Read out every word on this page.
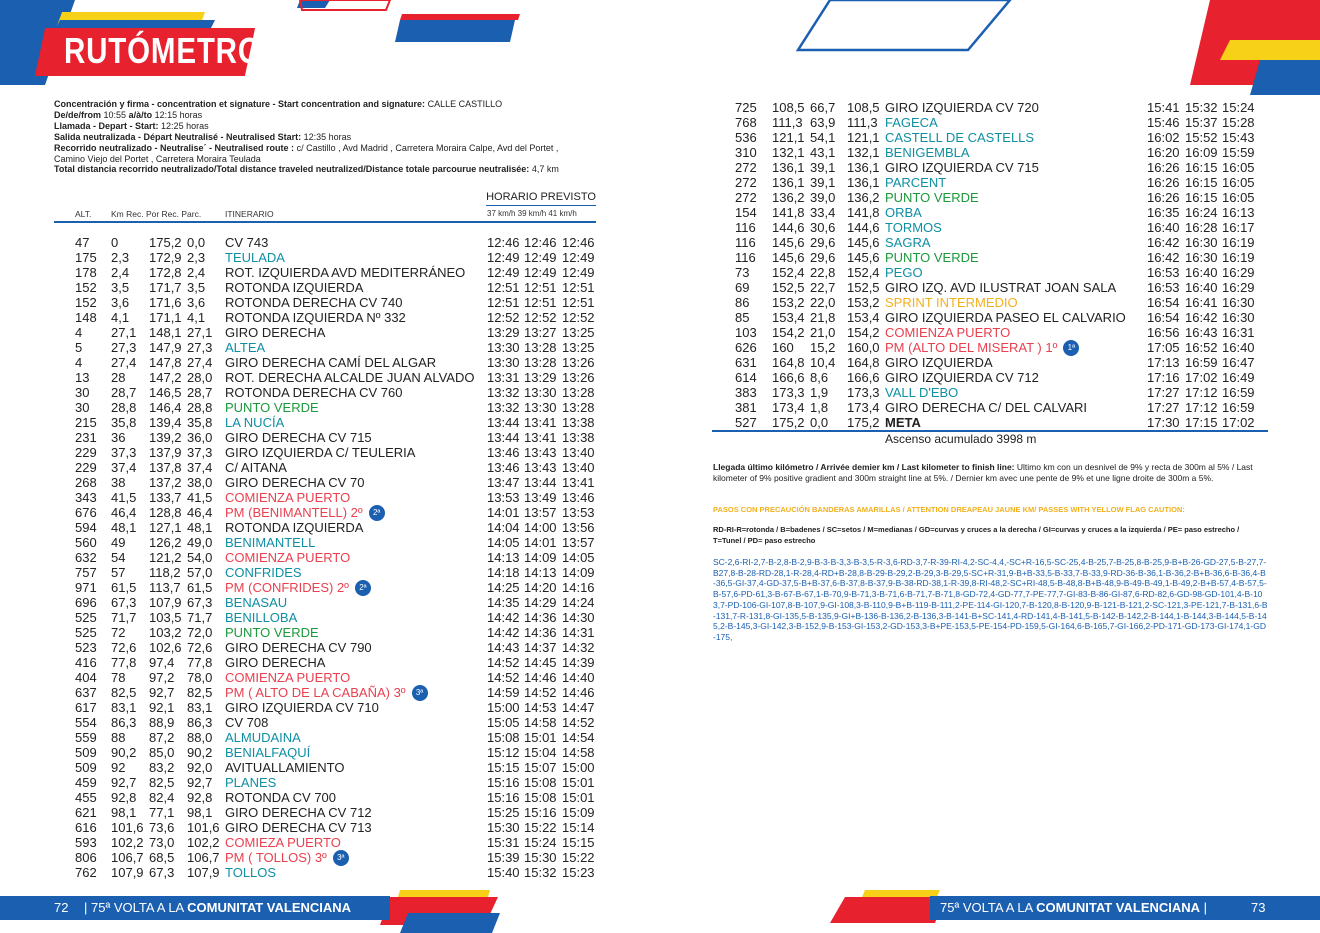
RUTÓMETRO
Concentración y firma - concentration et signature - Start concentration and signature: CALLE CASTILLO
De/de/from 10:55 a/à/to 12:15 horas
Llamada - Depart - Start: 12:25 horas
Salida neutralizada - Départ Neutralisé - Neutralised Start: 12:35 horas
Recorrido neutralizado - Neutralise´ - Neutralised route : c/ Castillo , Avd Madrid , Carretera Moraira Calpe, Avd del Portet ,
Camino Viejo del Portet , Carretera Moraira Teulada
Total distancia recorrido neutralizado/Total distance traveled neutralized/Distance totale parcourue neutralisée: 4,7 km
HORARIO PREVISTO
ALT. Km Rec. Por Rec. Parc.	ITINERARIO	37 km/h 39 km/h 41 km/h
47 0 175,2 0,0 CV 743	12:46 12:46 12:46
175 2,3 172,9 2,3 TEULADA	12:49 12:49 12:49
178 2,4 172,8 2,4 ROT. IZQUIERDA AVD MEDITERRÁNEO 12:49 12:49 12:49
152 3,5 171,7 3,5 ROTONDA IZQUIERDA	12:51 12:51 12:51
152 3,6 171,6 3,6 ROTONDA DERECHA CV 740	12:51 12:51 12:51
148 4,1 171,1 4,1 ROTONDA IZQUIERDA Nº 332	12:52 12:52 12:52
4 27,1 148,1 27,1 GIRO DERECHA	13:29 13:27 13:25
5 27,3 147,9 27,3 ALTEA	13:30 13:28 13:25
4 27,4 147,8 27,4 GIRO DERECHA CAMÍ DEL ALGAR	13:30 13:28 13:26
13 28 147,2 28,0 ROT. DERECHA ALCALDE JUAN ALVADO 13:31 13:29 13:26
30 28,7 146,5 28,7 ROTONDA DERECHA CV 760	13:32 13:30 13:28
30 28,8 146,4 28,8 PUNTO VERDE	13:32 13:30 13:28
215 35,8 139,4 35,8 LA NUCÍA	13:44 13:41 13:38
231 36 139,2 36,0 GIRO DERECHA CV 715	13:44 13:41 13:38
229 37,3 137,9 37,3 GIRO IZQUIERDA C/ TEULERIA	13:46 13:43 13:40
229 37,4 137,8 37,4 C/ AITANA	13:46 13:43 13:40
268 38 137,2 38,0 GIRO DERECHA CV 70	13:47 13:44 13:41
343 41,5 133,7 41,5 COMIENZA PUERTO	13:53 13:49 13:46
676 46,4 128,8 46,4 PM (BENIMANTELL) 2º	2ª	14:01 13:57 13:53
594 48,1 127,1 48,1 ROTONDA IZQUIERDA	14:04 14:00 13:56
560 49 126,2 49,0 BENIMANTELL	14:05 14:01 13:57
632 54 121,2 54,0 COMIENZA PUERTO	14:13 14:09 14:05
757 57 118,2 57,0 CONFRIDES	14:18 14:13 14:09
971 61,5 113,7 61,5 PM (CONFRIDES) 2º	2ª	14:25 14:20 14:16
696 67,3 107,9 67,3 BENASAU	14:35 14:29 14:24
525 71,7 103,5 71,7 BENILLOBA	14:42 14:36 14:30
525 72 103,2 72,0 PUNTO VERDE	14:42 14:36 14:31
523 72,6 102,6 72,6 GIRO DERECHA CV 790	14:43 14:37 14:32
416 77,8 97,4 77,8 GIRO DERECHA	14:52 14:45 14:39
404 78 97,2 78,0 COMIENZA PUERTO	14:52 14:46 14:40
637 82,5 92,7 82,5 PM ( ALTO DE LA CABAÑA) 3º	3ª	14:59 14:52 14:46
617 83,1 92,1 83,1 GIRO IZQUIERDA CV 710	15:00 14:53 14:47
554 86,3 88,9 86,3 CV 708	15:05 14:58 14:52
559 88 87,2 88,0 ALMUDAINA	15:08 15:01 14:54
509 90,2 85,0 90,2 BENIALFAQUÍ	15:12 15:04 14:58
509 92 83,2 92,0 AVITUALLAMIENTO	15:15 15:07 15:00
459 92,7 82,5 92,7 PLANES	15:16 15:08 15:01
455 92,8 82,4 92,8 ROTONDA CV 700	15:16 15:08 15:01
621 98,1 77,1 98,1 GIRO DERECHA CV 712	15:25 15:16 15:09
616 101,6 73,6 101,6 GIRO DERECHA CV 713	15:30 15:22 15:14
593 102,2 73,0 102,2 COMIEZA PUERTO	15:31 15:24 15:15
806 106,7 68,5 106,7 PM ( TOLLOS) 3º	3ª	15:39 15:30 15:22
762 107,9 67,3 107,9 TOLLOS	15:40 15:32 15:23
725 108,5 66,7 108,5 GIRO IZQUIERDA CV 720	15:41 15:32 15:24
768 111,3 63,9 111,3 FAGECA	15:46 15:37 15:28
536 121,1 54,1 121,1 CASTELL DE CASTELLS	16:02 15:52 15:43
310 132,1 43,1 132,1 BENIGEMBLA	16:20 16:09 15:59
272 136,1 39,1 136,1 GIRO IZQUIERDA CV 715	16:26 16:15 16:05
272 136,1 39,1 136,1 PARCENT	16:26 16:15 16:05
272 136,2 39,0 136,2 PUNTO VERDE	16:26 16:15 16:05
154 141,8 33,4 141,8 ORBA	16:35 16:24 16:13
116 144,6 30,6 144,6 TORMOS	16:40 16:28 16:17
116 145,6 29,6 145,6 SAGRA	16:42 16:30 16:19
116 145,6 29,6 145,6 PUNTO VERDE	16:42 16:30 16:19
73 152,4 22,8 152,4 PEGO	16:53 16:40 16:29
69 152,5 22,7 152,5 GIRO IZQ. AVD ILUSTRAT JOAN SALA 16:53 16:40 16:29
86 153,2 22,0 153,2 SPRINT INTERMEDIO	16:54 16:41 16:30
85 153,4 21,8 153,4 GIRO IZQUIERDA PASEO EL CALVARIO 16:54 16:42 16:30
103 154,2 21,0 154,2 COMIENZA PUERTO	16:56 16:43 16:31
626 160 15,2 160,0 PM (ALTO DEL MISERAT ) 1º	1ª	17:05 16:52 16:40
631 164,8 10,4 164,8 GIRO IZQUIERDA	17:13 16:59 16:47
614 166,6 8,6 166,6 GIRO IZQUIERDA CV 712	17:16 17:02 16:49
383 173,3 1,9 173,3 VALL D'EBO	17:27 17:12 16:59
381 173,4 1,8 173,4 GIRO DERECHA C/ DEL CALVARI	17:27 17:12 16:59
527 175,2 0,0 175,2 META	17:30 17:15 17:02
Ascenso acumulado 3998 m
Llegada último kilómetro / Arrivée demier km / Last kilometer to finish line: Ultimo km con un desnivel de 9% y recta de 300m al 5% / Last kilometer of 9% positive gradient and 300m straight line at 5%. / Dernier km avec une pente de 9% et une ligne droite de 300m a 5%.
PASOS CON PRECAUCIÓN BANDERAS AMARILLAS / ATTENTION DREAPEAU JAUNE KM/ PASSES WITH YELLOW FLAG CAUTION:
RD-RI-R=rotonda / B=badenes / SC=setos / M=medianas / GD=curvas y cruces a la derecha / GI=curvas y cruces a la izquierda / PE= paso estrecho / T=Tunel / PD= paso estrecho
SC-2,6-RI-2,7-B-2,8-B-2,9-B-3-B-3,3-B-3,5-R-3,6-RD-3,7-R-39-RI-4,2-SC-4,4,-SC+R-16,5-SC-25,4-B-25,7-B-25,8-B-25,9-B+B-26-GD-27,5-B-27,7-B27,8-B-28-RD-28,1-R-28,4-RD+B-28,8-B-29-B-29,2-B-29,3-B-29,5-SC+R-31,9-B+B-33,5-B-33,7-B-33,9-RD-36-B-36,1-B-36,2-B+B-36,6-B-36,4-B-36,5-GI-37,4-GD-37,5-B+B-37,6-B-37,8-B-37,9-B-38-RD-38,1-R-39,8-RI-48,2-SC+RI-48,5-B-48,8-B+B-48,9-B-49-B-49,1-B-49,2-B+B-57,4-B-57,5-B-57,6-PD-61,3-B-67-B-67,1-B-70,9-B-71,3-B-71,6-B-71,7-B-71,8-GD-72,4-GD-77,7-PE-77,7-GI-83-B-86-GI-87,6-RD-82,6-GD-98-GD-101,4-B-103,7-PD-106-GI-107,8-B-107,9-GI-108,3-B-110,9-B+B-119-B-111,2-PE-114-GI-120,7-B-120,8-B-120,9-B-121-B-121,2-SC-121,3-PE-121,7-B-131,6-B-131,7-R-131,8-GI-135,5-B-135,9-GI+B-136-B-136,2-B-136,3-B-141-B+SC-141,4-RD-141,4-B-141,5-B-142-B-142,2-B-144,1-B-144,3-B-144,5-B-145,2-B-145,3-GI-142,3-B-152,9-B-153-GI-153,2-GD-153,3-B+PE-153,5-PE-154-PD-159,5-GI-164,6-B-165,7-GI-166,2-PD-171-GD-173-GI-174,1-GD-175,
72 | 75ª VOLTA A LA COMUNITAT VALENCIANA	75ª VOLTA A LA COMUNITAT VALENCIANA |	73
